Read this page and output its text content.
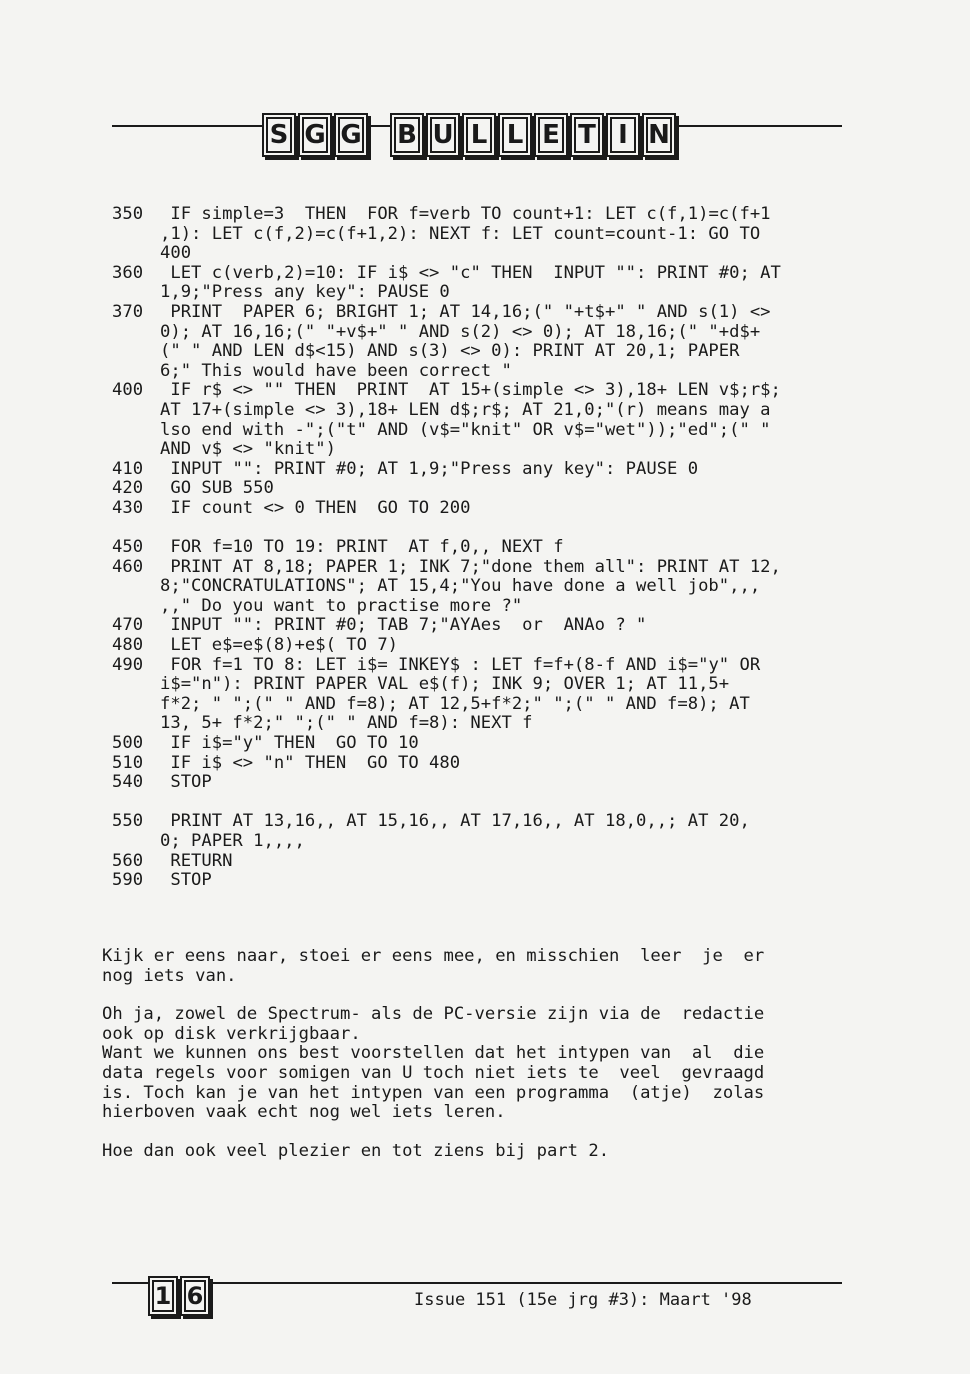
S G G B U L L E T I N
350	IF simple=3  THEN  FOR f=verb TO count+1: LET c(f,1)=c(f+1
,1): LET c(f,2)=c(f+1,2): NEXT f: LET count=count-1: GO TO
400
360	LET c(verb,2)=10: IF i$ <> "c" THEN  INPUT "": PRINT #0; AT
1,9;"Press any key": PAUSE 0
370	PRINT  PAPER 6; BRIGHT 1; AT 14,16;(" "+t$+" " AND s(1) <>
0); AT 16,16;(" "+v$+" " AND s(2) <> 0); AT 18,16;(" "+d$+
(" " AND LEN d$<15) AND s(3) <> 0): PRINT AT 20,1; PAPER
6;" This would have been correct "
400	IF r$ <> "" THEN  PRINT  AT 15+(simple <> 3),18+ LEN v$;r$;
AT 17+(simple <> 3),18+ LEN d$;r$; AT 21,0;"(r) means may a
lso end with -";("t" AND (v$="knit" OR v$="wet"));"ed";(" "
AND v$ <> "knit")
410 INPUT "": PRINT #0; AT 1,9;"Press any key": PAUSE 0
420 GO SUB 550
430 IF count <> 0 THEN  GO TO 200
450 FOR f=10 TO 19: PRINT  AT f,0,, NEXT f
460	PRINT AT 8,18; PAPER 1; INK 7;"done them all": PRINT AT 12,
8;"CONCRATULATIONS"; AT 15,4;"You have done a well job",,,
,," Do you want to practise more ?"
470 INPUT "": PRINT #0; TAB 7;"AYAes  or  ANAo ? "
480 LET e$=e$(8)+e$( TO 7)
490	FOR f=1 TO 8: LET i$= INKEY$ : LET f=f+(8-f AND i$="y" OR
i$="n"): PRINT PAPER VAL e$(f); INK 9; OVER 1; AT 11,5+
f*2; " ";(" " AND f=8); AT 12,5+f*2;" ";(" " AND f=8); AT
13, 5+ f*2;" ";(" " AND f=8): NEXT f
500 IF i$="y" THEN  GO TO 10
510 IF i$ <> "n" THEN  GO TO 480
540 STOP
550	PRINT AT 13,16,, AT 15,16,, AT 17,16,, AT 18,0,,; AT 20,
0; PAPER 1,,,,
560 RETURN
590 STOP

Kijk er eens naar, stoei er eens mee, en misschien  leer  je  er
nog iets van.

Oh ja, zowel de Spectrum- als de PC-versie zijn via de  redactie
ook op disk verkrijgbaar.
Want we kunnen ons best voorstellen dat het intypen van  al  die
data regels voor somigen van U toch niet iets te  veel  gevraagd
is. Toch kan je van het intypen van een programma  (atje)  zolas
hierboven vaak echt nog wel iets leren.

Hoe dan ook veel plezier en tot ziens bij part 2.

1 6	Issue 151 (15e jrg #3): Maart '98
